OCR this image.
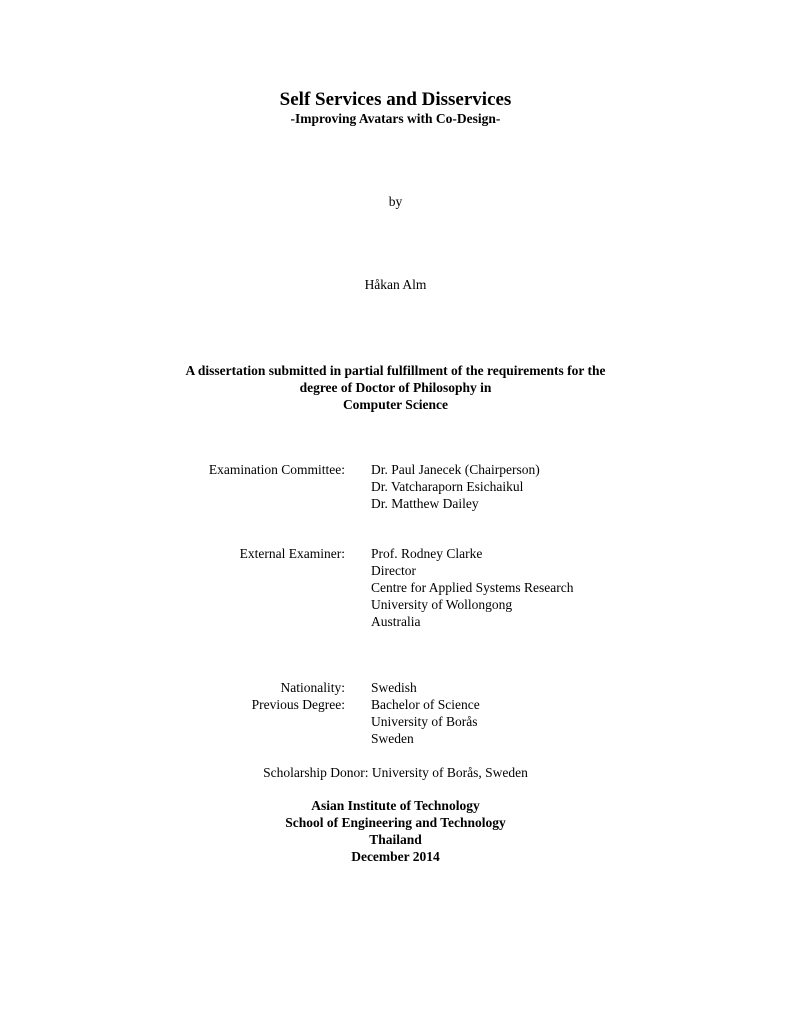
Self Services and Disservices
-Improving Avatars with Co-Design-
by
Håkan Alm
A dissertation submitted in partial fulfillment of the requirements for the
degree of Doctor of Philosophy in
Computer Science
Examination Committee: Dr. Paul Janecek (Chairperson)
Dr. Vatcharaporn Esichaikul
Dr. Matthew Dailey
External Examiner: Prof. Rodney Clarke
Director
Centre for Applied Systems Research
University of Wollongong
Australia
Nationality:
Previous Degree:
Swedish
Bachelor of Science
University of Borås
Sweden
Scholarship Donor: University of Borås, Sweden
Asian Institute of Technology
School of Engineering and Technology
Thailand
December 2014
